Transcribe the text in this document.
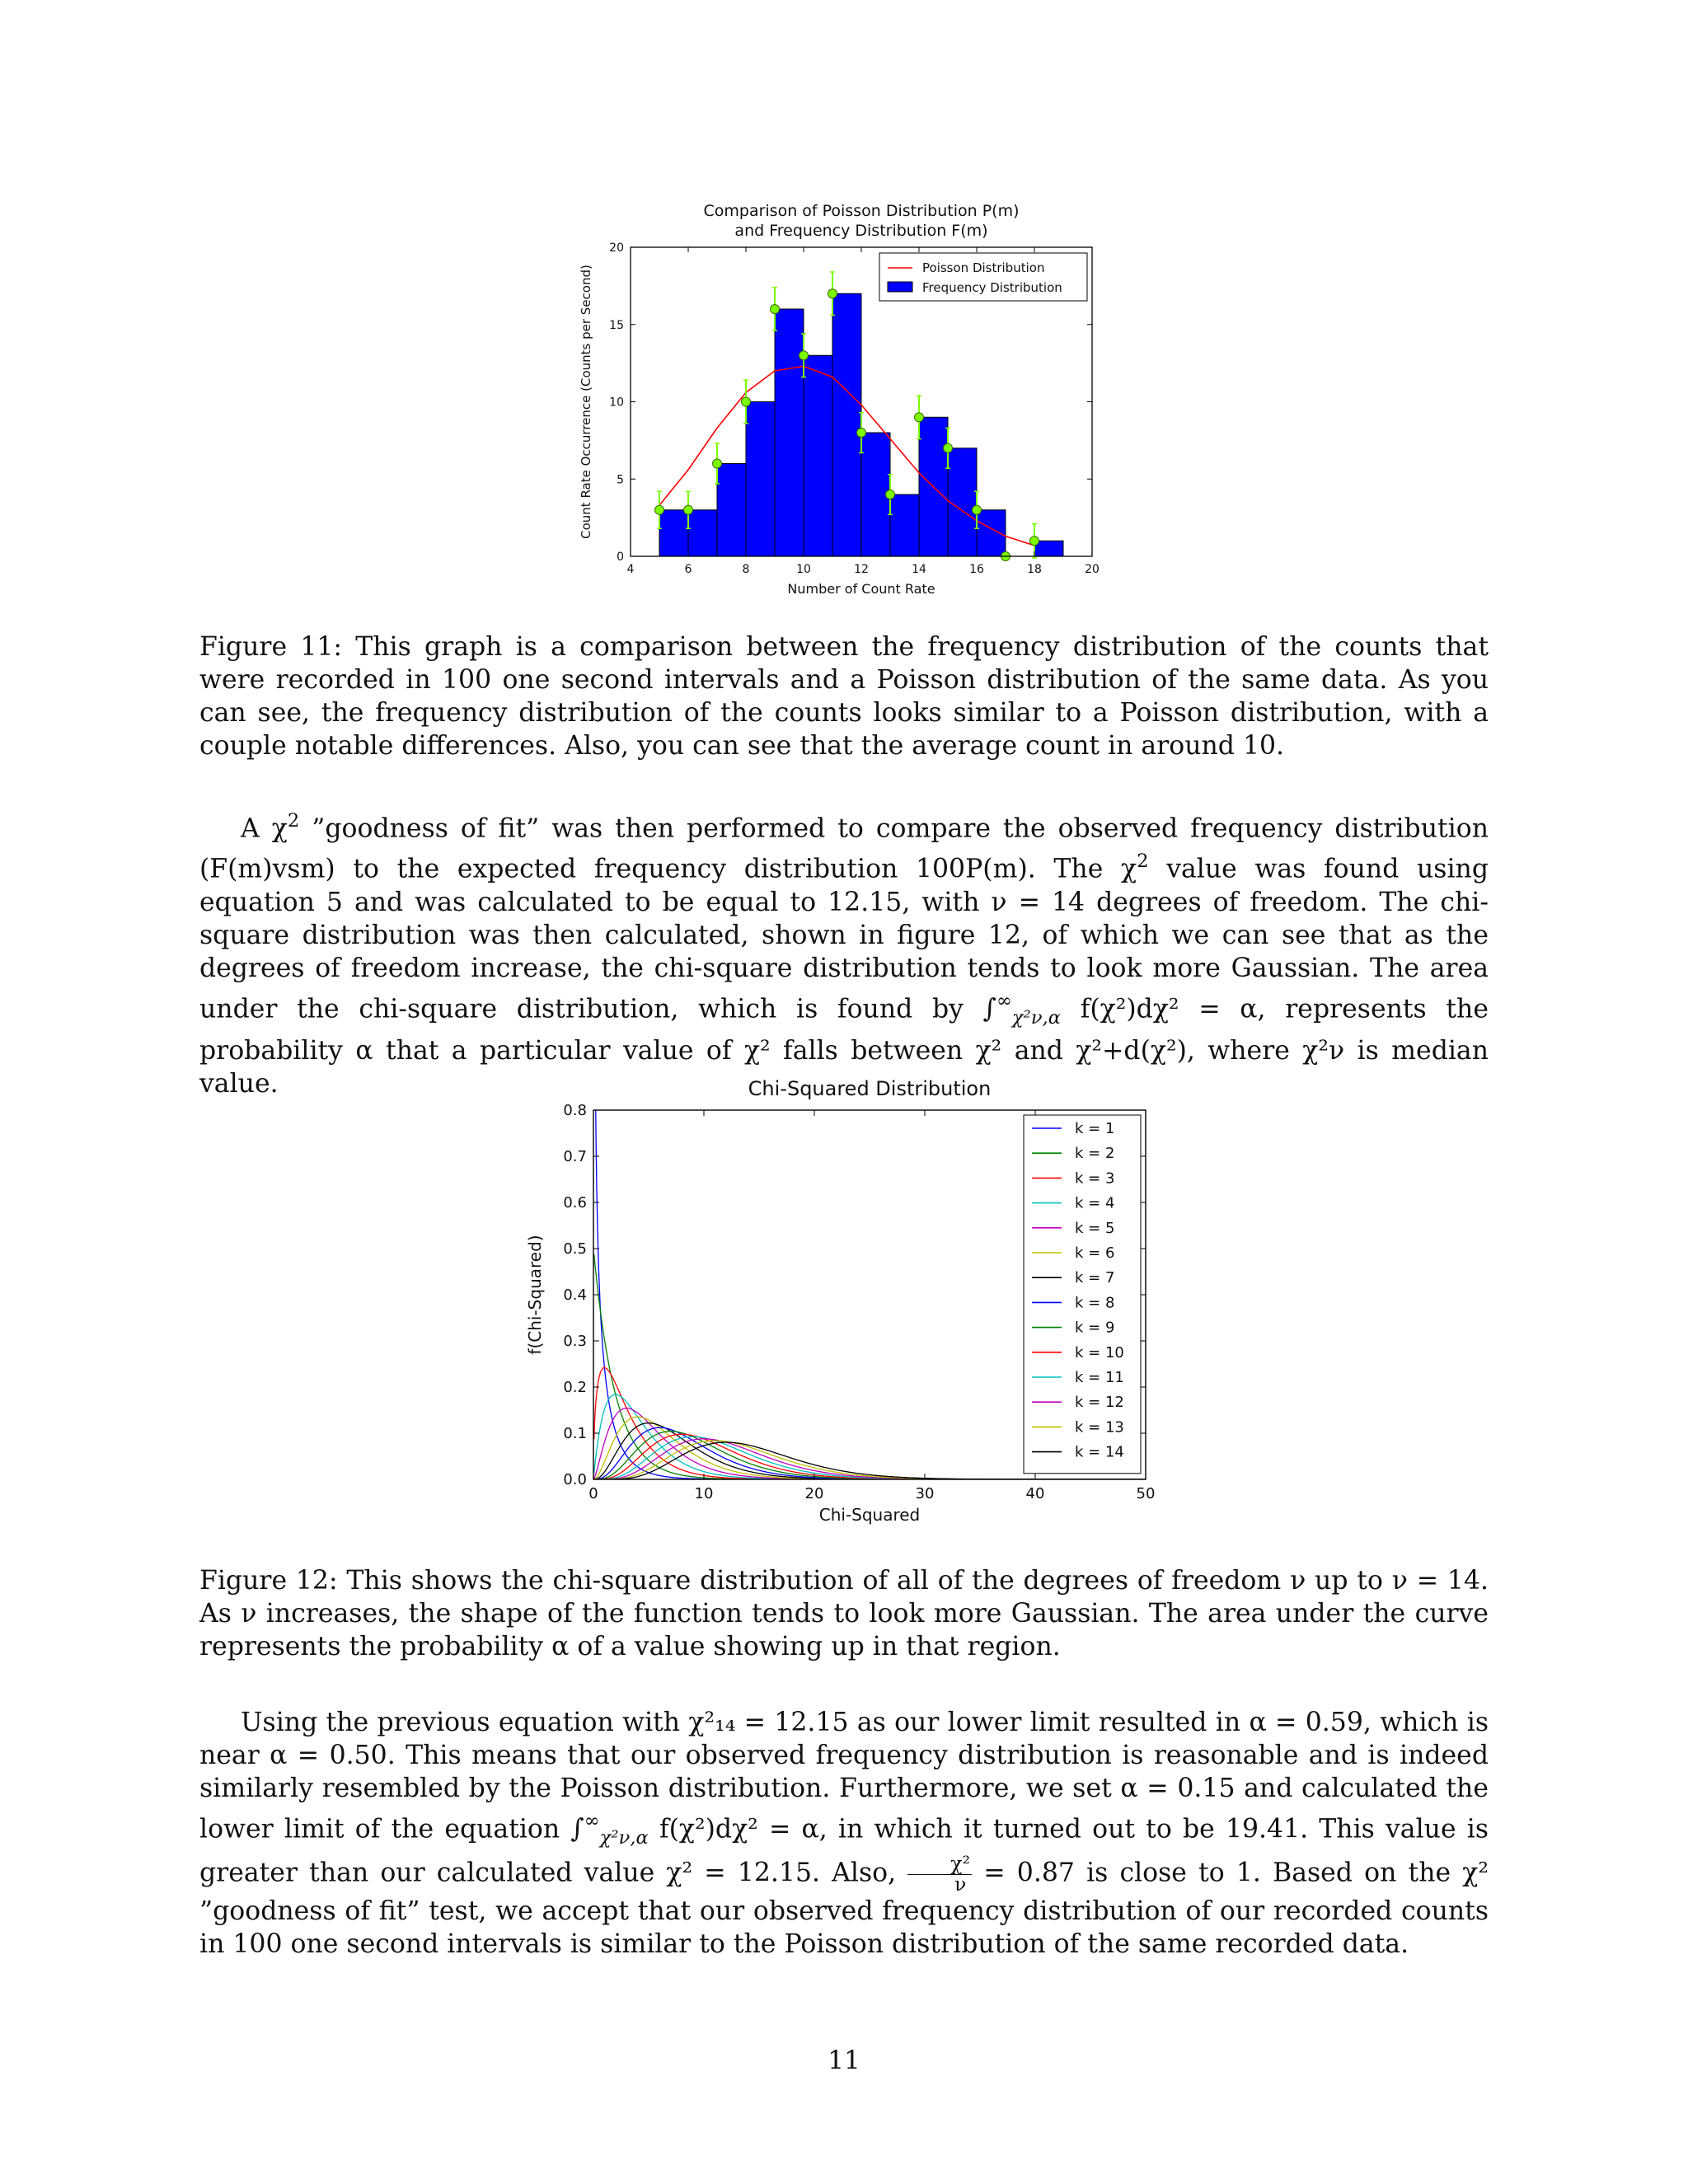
Comparison of Poisson Distribution P(m)
and Frequency Distribution F(m)
4	6	8	10	12	14	16	18	20
0
5
10
15
20
Number of Count Rate
Count Rate Occurrence (Counts per Second)	Poisson Distribution
Frequency Distribution

Figure 11: This graph is a comparison between the frequency distribution of the counts that were recorded in 100 one second intervals and a Poisson distribution of the same data. As you can see, the frequency distribution of the counts looks similar to a Poisson distribution, with a couple notable differences. Also, you can see that the average count in around 10.

A $\chi^2$ ”goodness of fit” was then performed to compare the observed frequency distribution (F(m)vsm) to the expected frequency distribution 100P(m). The $\chi^2$ value was found using equation 5 and was calculated to be equal to 12.15, with ν = 14 degrees of freedom. The chi-square distribution was then calculated, shown in figure 12, of which we can see that as the degrees of freedom increase, the chi-square distribution tends to look more Gaussian. The area under the chi-square distribution, which is found by $\int^\infty_{\chi^2\nu,\alpha}$ f(χ²)dχ² = α, represents the probability α that a particular value of χ² falls between χ² and χ²+d(χ²), where χ²ν is median value.	Chi-Squared Distribution
0	10	20	30	40	50
0.0
0.1
0.2
0.3
0.4
0.5
0.6
0.7
0.8
Chi-Squared
f(Chi-Squared)
k = 1
k = 2
k = 3
k = 4
k = 5
k = 6
k = 7
k = 8
k = 9
k = 10
k = 11
k = 12
k = 13
k = 14

Figure 12: This shows the chi-square distribution of all of the degrees of freedom ν up to ν = 14. As ν increases, the shape of the function tends to look more Gaussian. The area under the curve represents the probability α of a value showing up in that region.

Using the previous equation with χ²₁₄ = 12.15 as our lower limit resulted in α = 0.59, which is near α = 0.50. This means that our observed frequency distribution is reasonable and is indeed similarly resembled by the Poisson distribution. Furthermore, we set α = 0.15 and calculated the lower limit of the equation $\int^\infty_{\chi^2\nu,\alpha}$ f(χ²)dχ² = α, in which it turned out to be 19.41. This value is greater than our calculated value χ² = 12.15. Also, $\frac{\text{χ²}}{\nu} = 0.87$ is close to 1. Based on the χ² ”goodness of fit” test, we accept that our observed frequency distribution of our recorded counts in 100 one second intervals is similar to the Poisson distribution of the same recorded data.

11
